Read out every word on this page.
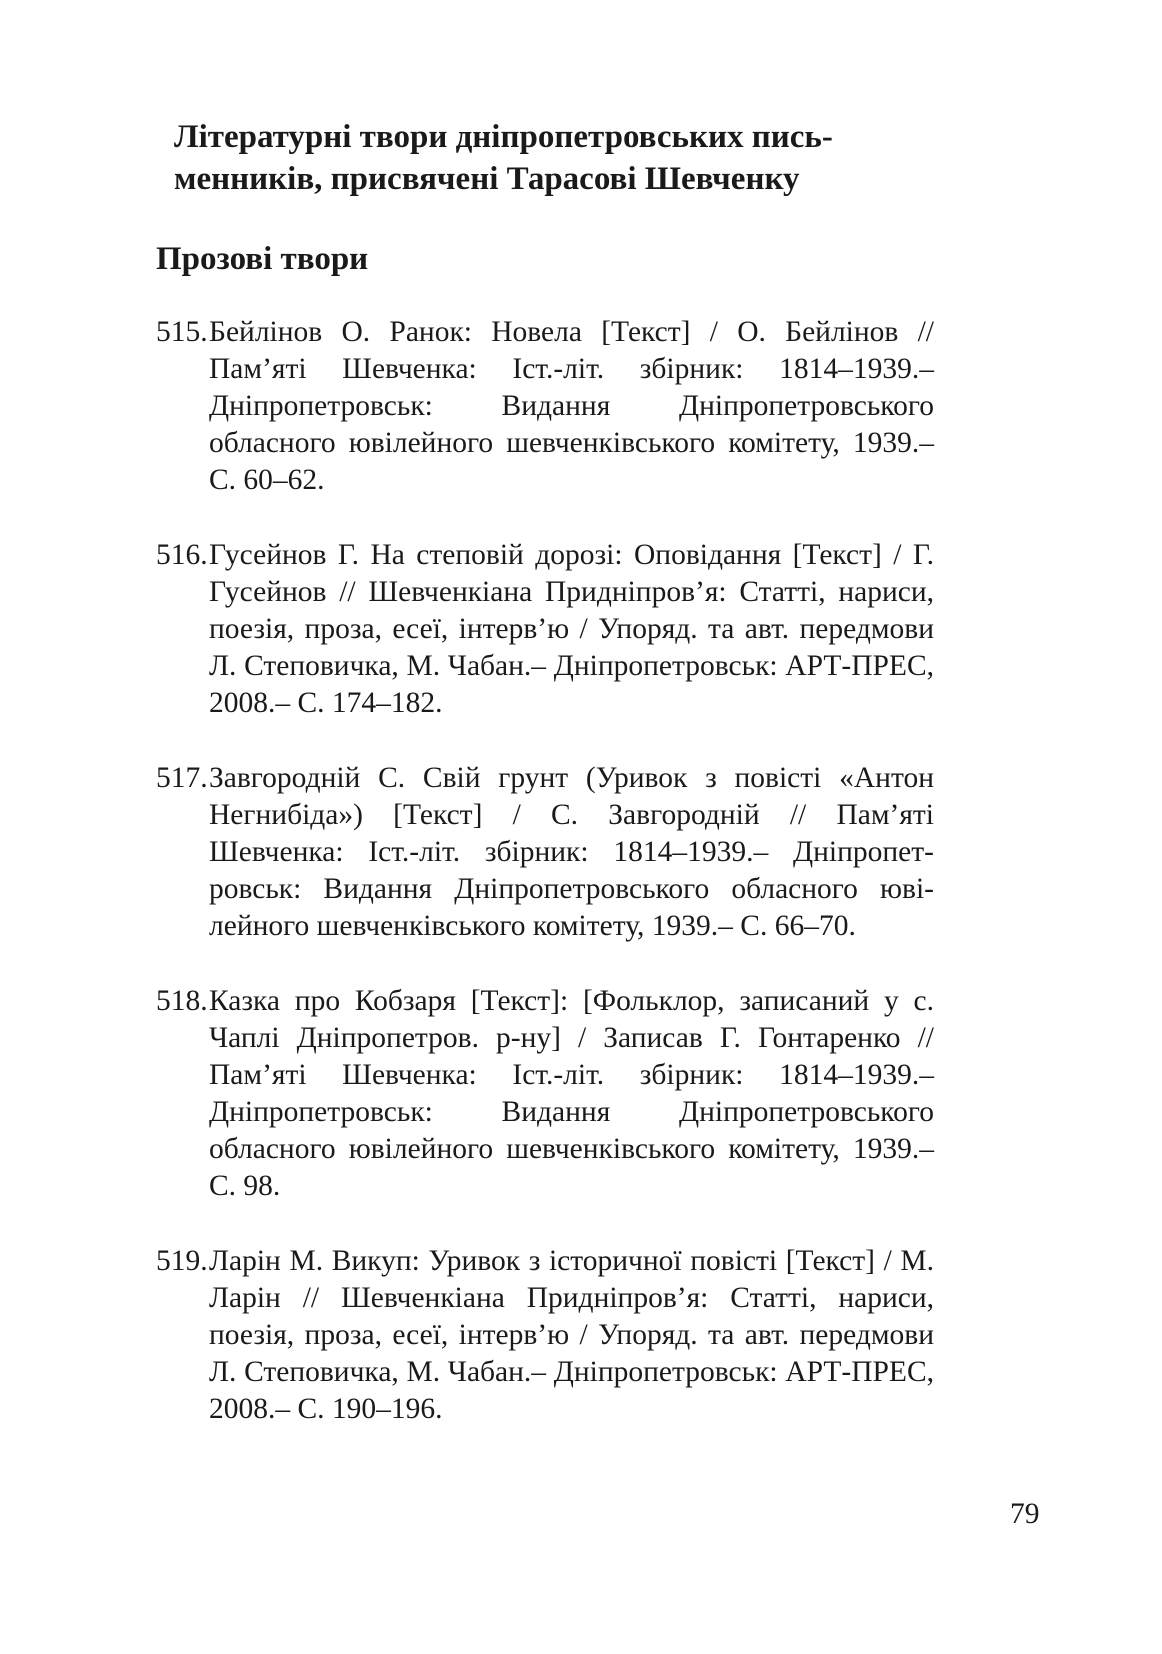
Літературні твори дніпропетровських пись-
менників, присвячені Тарасові Шевченку
Прозові твори
515. Бейлінов О. Ранок: Новела [Текст] / О. Бейлінов // Пам’яті Шевченка: Іст.-літ. збірник: 1814–1939.– Дніпропетровськ: Видання Дніпропетровського обласного ювілейного шевченківського комітету, 1939.– С. 60–62.
516. Гусейнов Г. На степовій дорозі: Оповідання [Текст] / Г. Гусейнов // Шевченкіана Придніпров’я: Статті, нариси, поезія, проза, есеї, інтерв’ю / Упоряд. та авт. передмови Л. Степовичка, М. Чабан.– Дніпропетровськ: АРТ-ПРЕС, 2008.– С. 174–182.
517. Завгородній С. Свій грунт (Уривок з повісті «Антон Негнибіда») [Текст] / С. Завгородній // Пам’яті Шевченка: Іст.-літ. збірник: 1814–1939.– Дніпропетровськ: Видання Дніпропетровського обласного ювілейного шевченківського комітету, 1939.– С. 66–70.
518. Казка про Кобзаря [Текст]: [Фольклор, записаний у с. Чаплі Дніпропетров. р-ну] / Записав Г. Гонтаренко // Пам’яті Шевченка: Іст.-літ. збірник: 1814–1939.– Дніпропетровськ: Видання Дніпропетровського обласного ювілейного шевченківського комітету, 1939.– С. 98.
519. Ларін М. Викуп: Уривок з історичної повісті [Текст] / М. Ларін // Шевченкіана Придніпров’я: Статті, нариси, поезія, проза, есеї, інтерв’ю / Упоряд. та авт. передмови Л. Степовичка, М. Чабан.– Дніпропетровськ: АРТ-ПРЕС, 2008.– С. 190–196.
79
